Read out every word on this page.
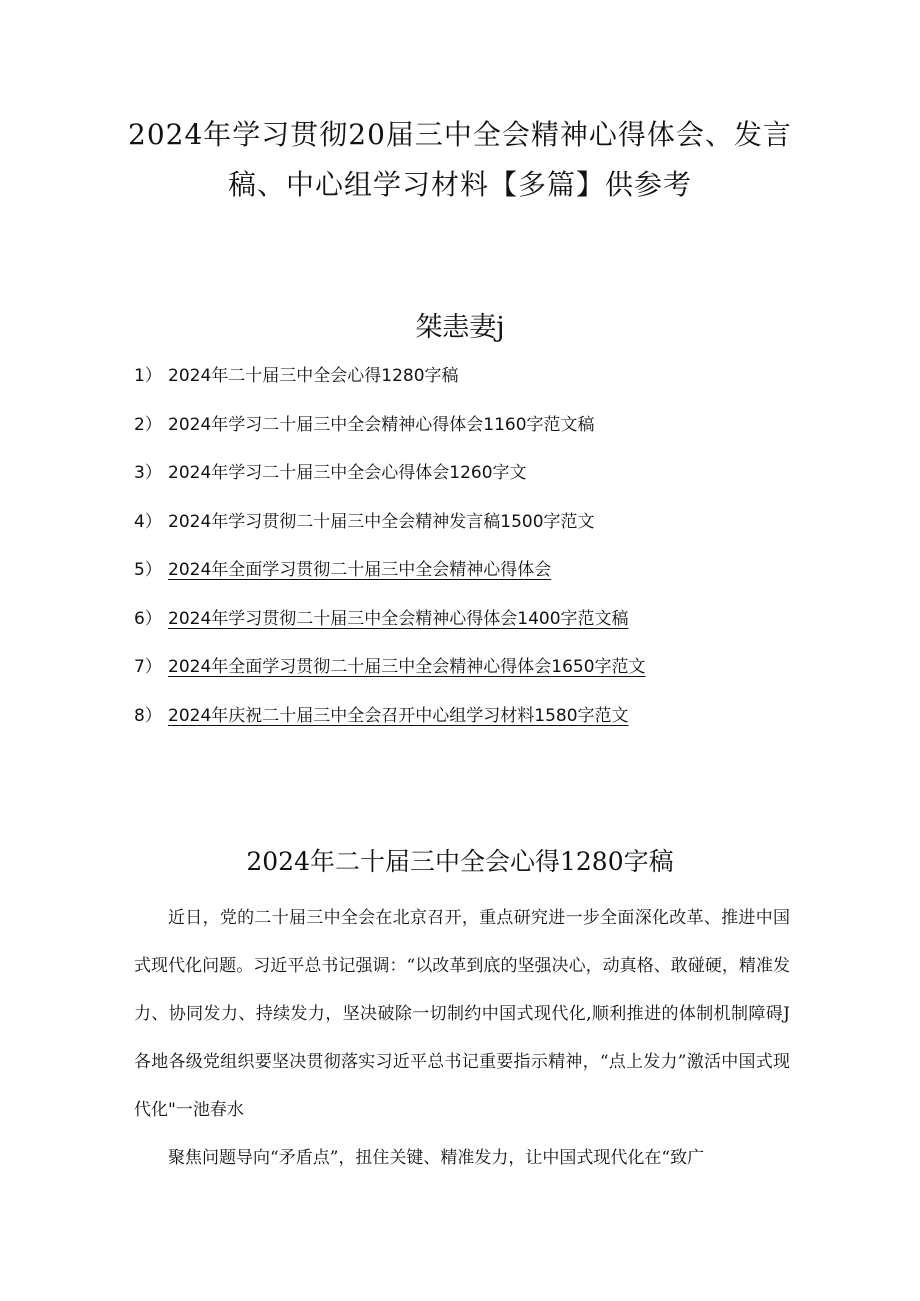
2024年学习贯彻20届三中全会精神心得体会、发言稿、中心组学习材料【多篇】供参考
桀恚妻j
1） 2024年二十届三中全会心得1280字稿
2） 2024年学习二十届三中全会精神心得体会1160字范文稿
3） 2024年学习二十届三中全会心得体会1260字文
4） 2024年学习贯彻二十届三中全会精神发言稿1500字范文
5） 2024年全面学习贯彻二十届三中全会精神心得体会
6） 2024年学习贯彻二十届三中全会精神心得体会1400字范文稿
7） 2024年全面学习贯彻二十届三中全会精神心得体会1650字范文
8） 2024年庆祝二十届三中全会召开中心组学习材料1580字范文
2024年二十届三中全会心得1280字稿

近日，党的二十届三中全会在北京召开，重点研究进一步全面深化改革、推进中国式现代化问题。习近平总书记强调：“以改革到底的坚强决心，动真格、敢碰硬，精准发力、协同发力、持续发力，坚决破除一切制约中国式现代化,顺利推进的体制机制障碍J各地各级党组织要坚决贯彻落实习近平总书记重要指示精神，“点上发力”激活中国式现代化"一池春水

聚焦问题导向“矛盾点”，扭住关键、精准发力，让中国式现代化在“致广
